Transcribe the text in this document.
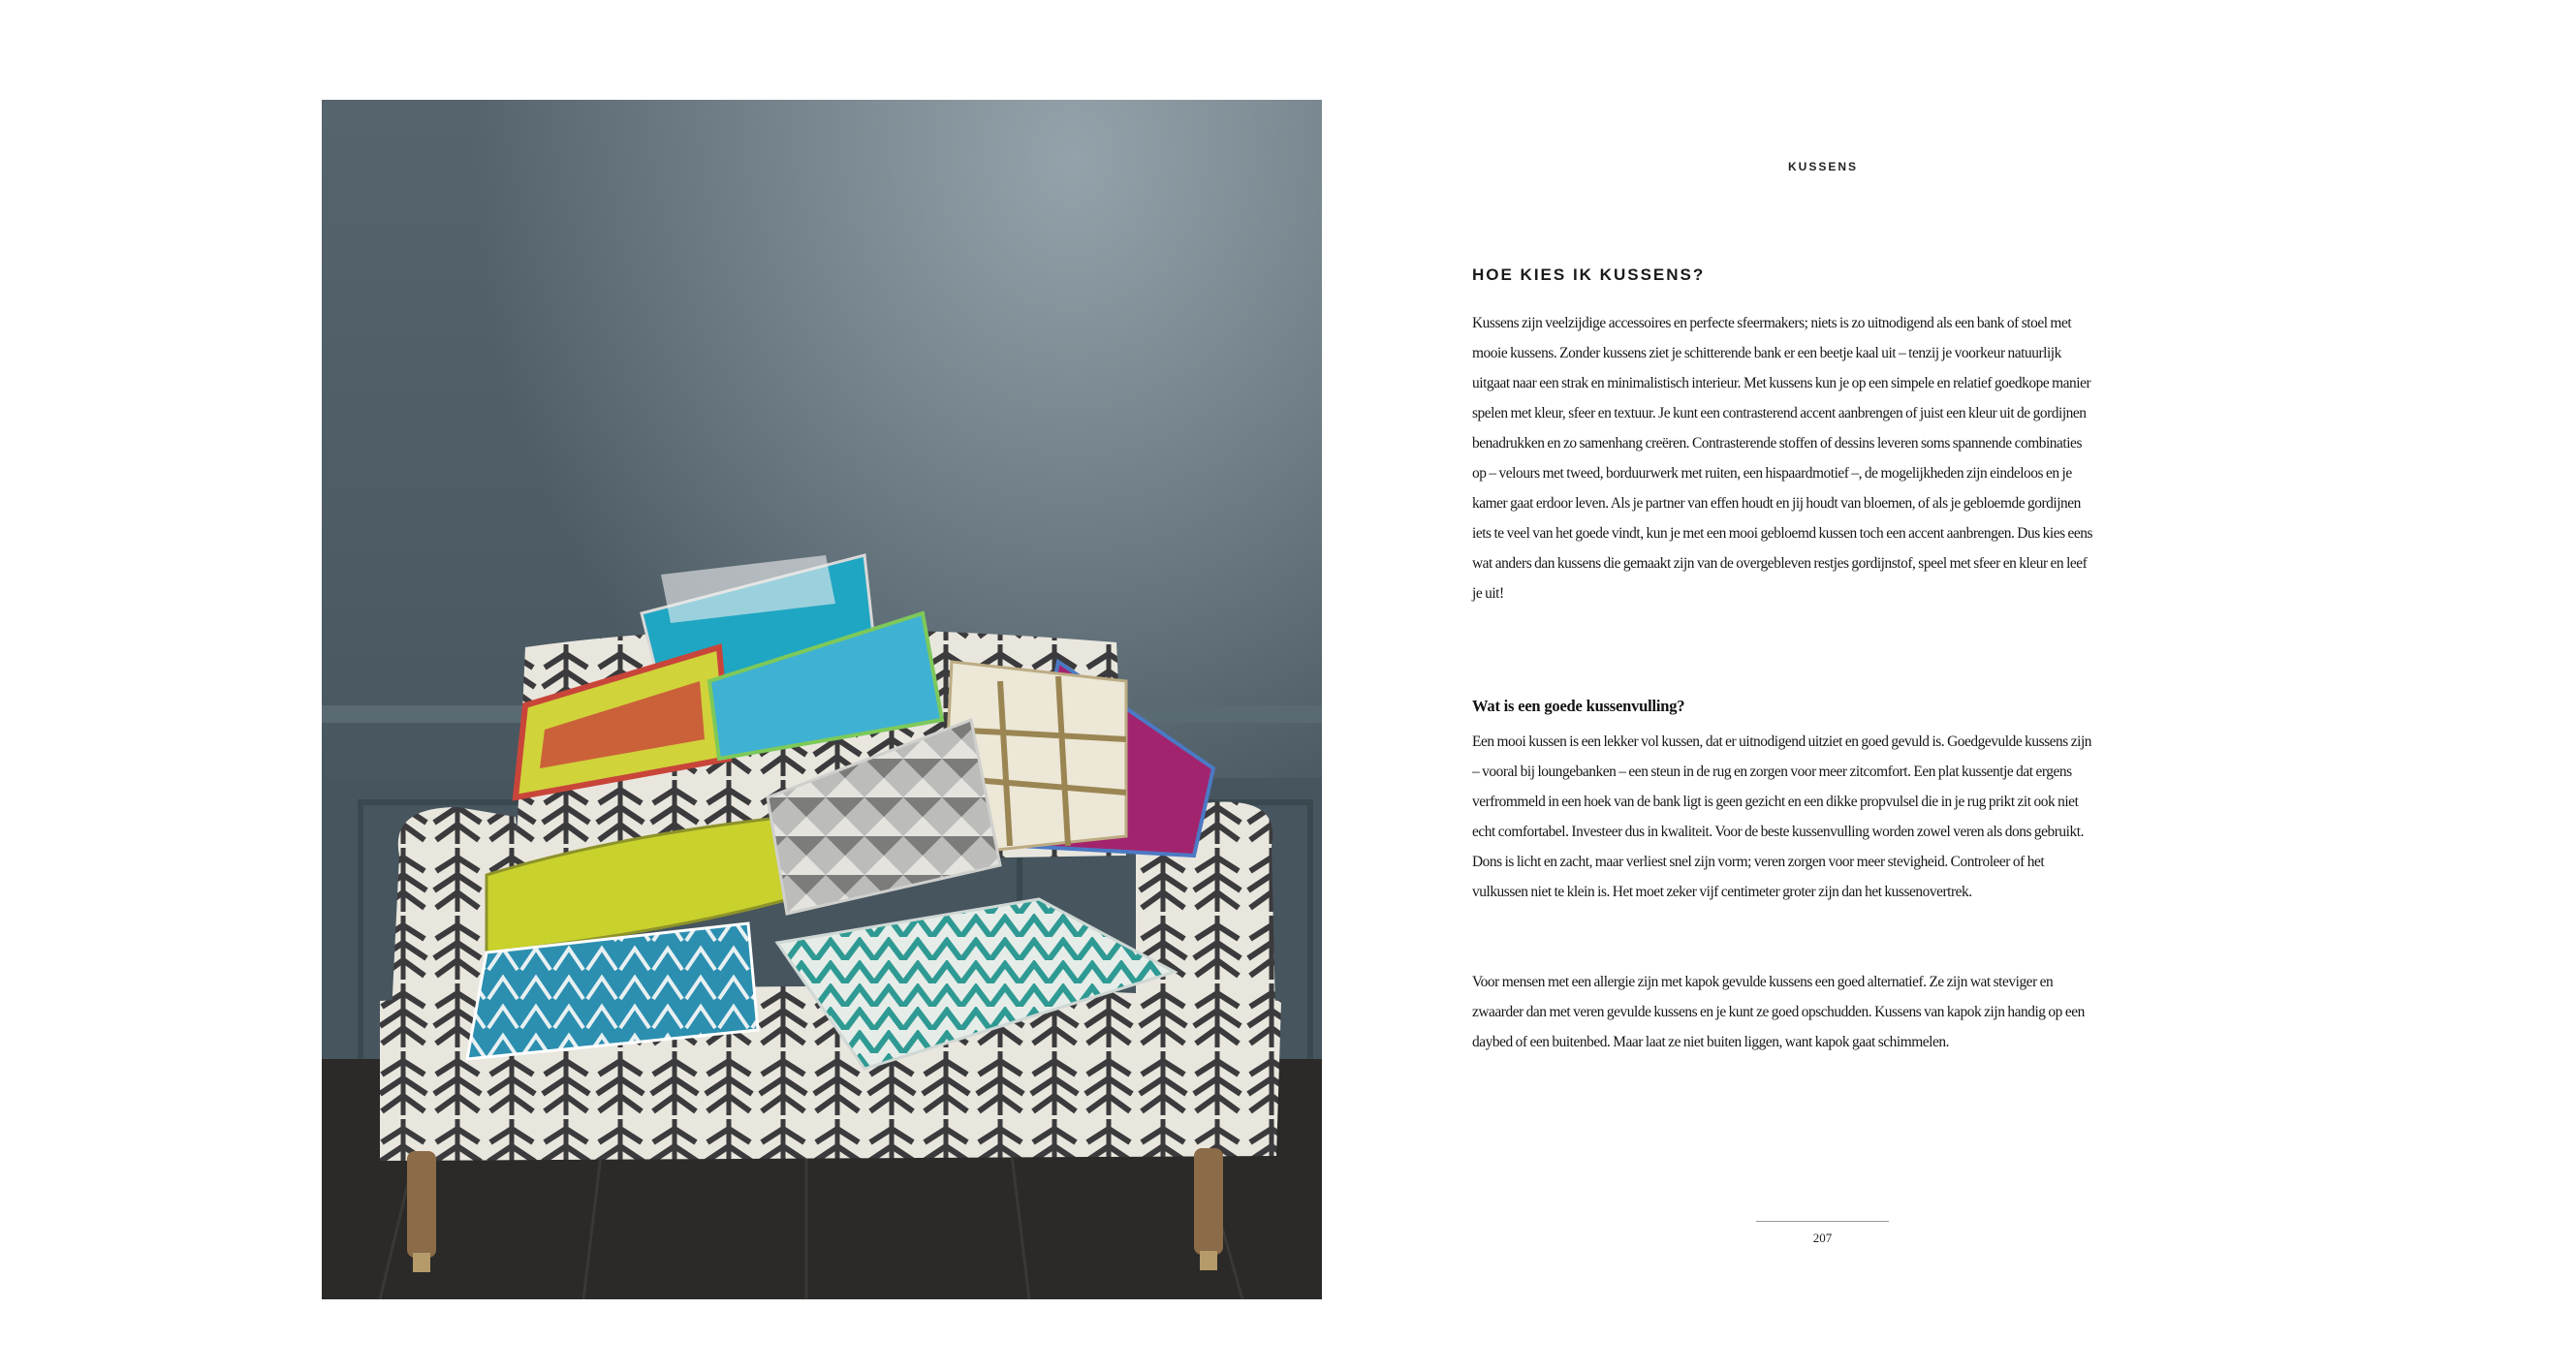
KUSSENS
HOE KIES IK KUSSENS?

Kussens zijn veelzijdige accessoires en perfecte sfeermakers; niets is zo uitnodigend als een bank of stoel met mooie kussens. Zonder kussens ziet je schitterende bank er een beetje kaal uit – tenzij je voorkeur natuurlijk uitgaat naar een strak en minimalistisch interieur. Met kussens kun je op een simpele en relatief goedkope manier spelen met kleur, sfeer en textuur. Je kunt een contrasterend accent aanbrengen of juist een kleur uit de gordijnen benadrukken en zo samenhang creëren. Contrasterende stoffen of dessins leveren soms spannende combinaties op – velours met tweed, borduurwerk met ruiten, een hispaardmotief –, de mogelijkheden zijn eindeloos en je kamer gaat erdoor leven. Als je partner van effen houdt en jij houdt van bloemen, of als je gebloemde gordijnen iets te veel van het goede vindt, kun je met een mooi gebloemd kussen toch een accent aanbrengen. Dus kies eens wat anders dan kussens die gemaakt zijn van de overgebleven restjes gordijnstof, speel met sfeer en kleur en leef je uit!

Wat is een goede kussenvulling?

Een mooi kussen is een lekker vol kussen, dat er uitnodigend uitziet en goed gevuld is. Goedgevulde kussens zijn – vooral bij loungebanken – een steun in de rug en zorgen voor meer zitcomfort. Een plat kussentje dat ergens verfrommeld in een hoek van de bank ligt is geen gezicht en een dikke propvulsel die in je rug prikt zit ook niet echt comfortabel. Investeer dus in kwaliteit. Voor de beste kussenvulling worden zowel veren als dons gebruikt. Dons is licht en zacht, maar verliest snel zijn vorm; veren zorgen voor meer stevigheid. Controleer of het vulkussen niet te klein is. Het moet zeker vijf centimeter groter zijn dan het kussenovertrek.

Voor mensen met een allergie zijn met kapok gevulde kussens een goed alternatief. Ze zijn wat steviger en zwaarder dan met veren gevulde kussens en je kunt ze goed opschudden. Kussens van kapok zijn handig op een daybed of een buitenbed. Maar laat ze niet buiten liggen, want kapok gaat schimmelen.

207
